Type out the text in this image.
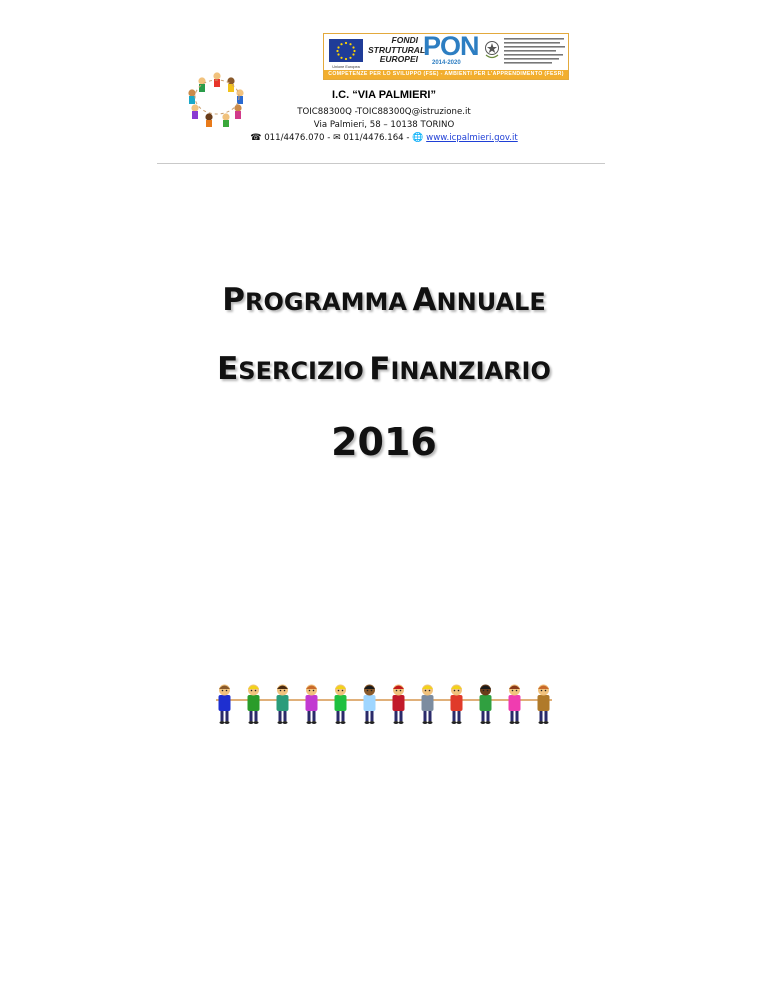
Unione Europea
FONDI
STRUTTURALI
EUROPEI PON
2014-2020
COMPETENZE PER LO SVILUPPO (FSE) - AMBIENTI PER L'APPRENDIMENTO (FESR)
I.C. “VIA PALMIERI”
TOIC88300Q -TOIC88300Q@istruzione.it
Via Palmieri, 58 – 10138 TORINO
☎ 011/4476.070 - ✉ 011/4476.164 - 🌐 www.icpalmieri.gov.it
PROGRAMMA ANNUALE
ESERCIZIO FINANZIARIO
2016
